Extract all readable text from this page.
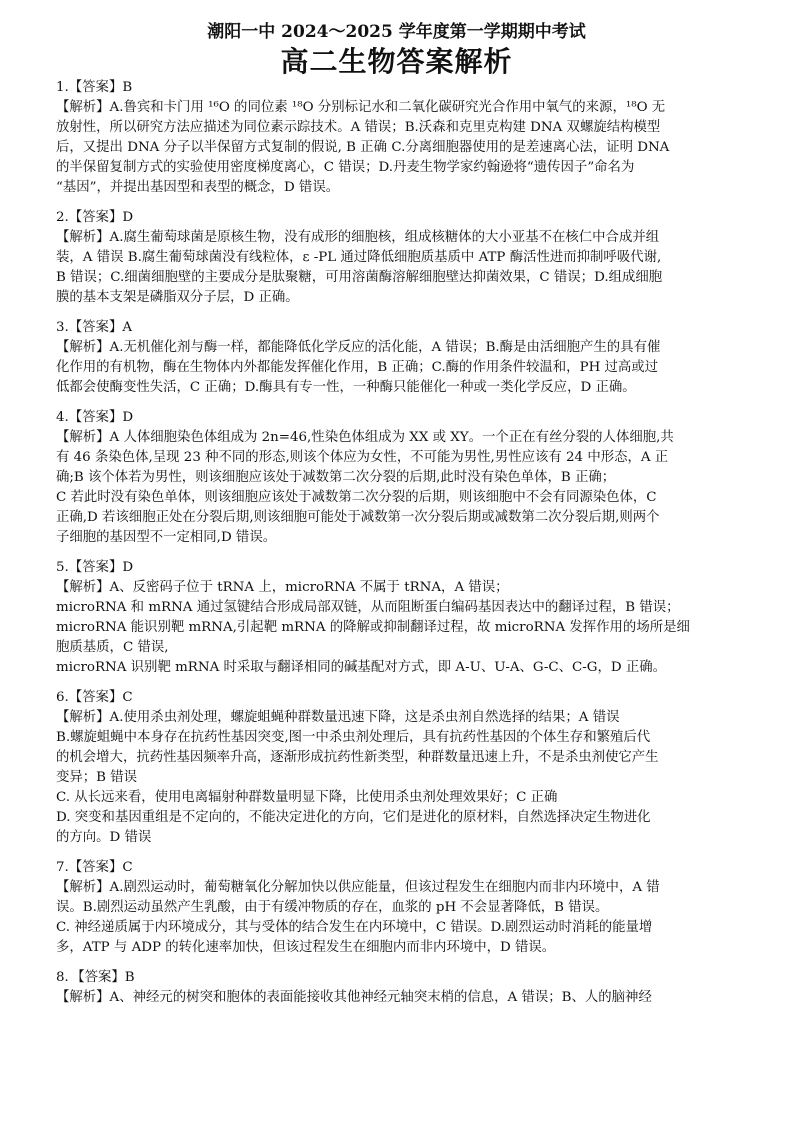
潮阳一中 2024～2025 学年度第一学期期中考试
高二生物答案解析

1.【答案】B

【解析】A.鲁宾和卡门用 ¹⁶O 的同位素 ¹⁸O 分别标记水和二氧化碳研究光合作用中氧气的来源，¹⁸O 无

放射性，所以研究方法应描述为同位素示踪技术。A 错误；B.沃森和克里克构建 DNA 双螺旋结构模型

后，又提出 DNA 分子以半保留方式复制的假说, B 正确 C.分离细胞器使用的是差速离心法，证明 DNA

的半保留复制方式的实验使用密度梯度离心，C 错误；D.丹麦生物学家约翰逊将“遗传因子”命名为

“基因”，并提出基因型和表型的概念，D 错误。

2.【答案】D

【解析】A.腐生葡萄球菌是原核生物，没有成形的细胞核，组成核糖体的大小亚基不在核仁中合成并组

装，A 错误 B.腐生葡萄球菌没有线粒体，ε -PL 通过降低细胞质基质中 ATP 酶活性进而抑制呼吸代谢,

B 错误；C.细菌细胞壁的主要成分是肽聚糖，可用溶菌酶溶解细胞壁达抑菌效果，C 错误；D.组成细胞

膜的基本支架是磷脂双分子层，D 正确。

3.【答案】A

【解析】A.无机催化剂与酶一样，都能降低化学反应的活化能，A 错误；B.酶是由活细胞产生的具有催

化作用的有机物，酶在生物体内外都能发挥催化作用，B 正确；C.酶的作用条件较温和，PH 过高或过

低都会使酶变性失活，C 正确；D.酶具有专一性，一种酶只能催化一种或一类化学反应，D 正确。

4.【答案】D

【解析】A 人体细胞染色体组成为 2n=46,性染色体组成为 XX 或 XY。一个正在有丝分裂的人体细胞,共

有 46 条染色体,呈现 23 种不同的形态,则该个体应为女性，不可能为男性,男性应该有 24 中形态，A 正

确;B 该个体若为男性，则该细胞应该处于减数第二次分裂的后期,此时没有染色单体，B 正确；

C 若此时没有染色单体，则该细胞应该处于减数第二次分裂的后期，则该细胞中不会有同源染色体，C

正确,D 若该细胞正处在分裂后期,则该细胞可能处于减数第一次分裂后期或减数第二次分裂后期,则两个

子细胞的基因型不一定相同,D 错误。

5.【答案】D

【解析】A、反密码子位于 tRNA 上，microRNA 不属于 tRNA，A 错误；

microRNA 和 mRNA 通过氢键结合形成局部双链，从而阻断蛋白编码基因表达中的翻译过程，B 错误；

microRNA 能识别靶 mRNA,引起靶 mRNA 的降解或抑制翻译过程，故 microRNA 发挥作用的场所是细

胞质基质，C 错误,

microRNA 识别靶 mRNA 时采取与翻译相同的碱基配对方式，即 A-U、U-A、G-C、C-G，D 正确。

6.【答案】C

【解析】A.使用杀虫剂处理，螺旋蛆蝇种群数量迅速下降，这是杀虫剂自然选择的结果；A 错误

B.螺旋蛆蝇中本身存在抗药性基因突变,图一中杀虫剂处理后，具有抗药性基因的个体生存和繁殖后代

的机会增大，抗药性基因频率升高，逐渐形成抗药性新类型，种群数量迅速上升，不是杀虫剂使它产生

变异；B 错误

C. 从长远来看，使用电离辐射种群数量明显下降，比使用杀虫剂处理效果好；C 正确

D. 突变和基因重组是不定向的，不能决定进化的方向，它们是进化的原材料，自然选择决定生物进化

的方向。D 错误

7.【答案】C

【解析】A.剧烈运动时，葡萄糖氧化分解加快以供应能量，但该过程发生在细胞内而非内环境中，A 错

误。B.剧烈运动虽然产生乳酸，由于有缓冲物质的存在，血浆的 pH 不会显著降低，B 错误。

C. 神经递质属于内环境成分，其与受体的结合发生在内环境中，C 错误。D.剧烈运动时消耗的能量增

多，ATP 与 ADP 的转化速率加快，但该过程发生在细胞内而非内环境中，D 错误。

8．【答案】B

【解析】A、神经元的树突和胞体的表面能接收其他神经元轴突末梢的信息，A 错误；B、人的脑神经
